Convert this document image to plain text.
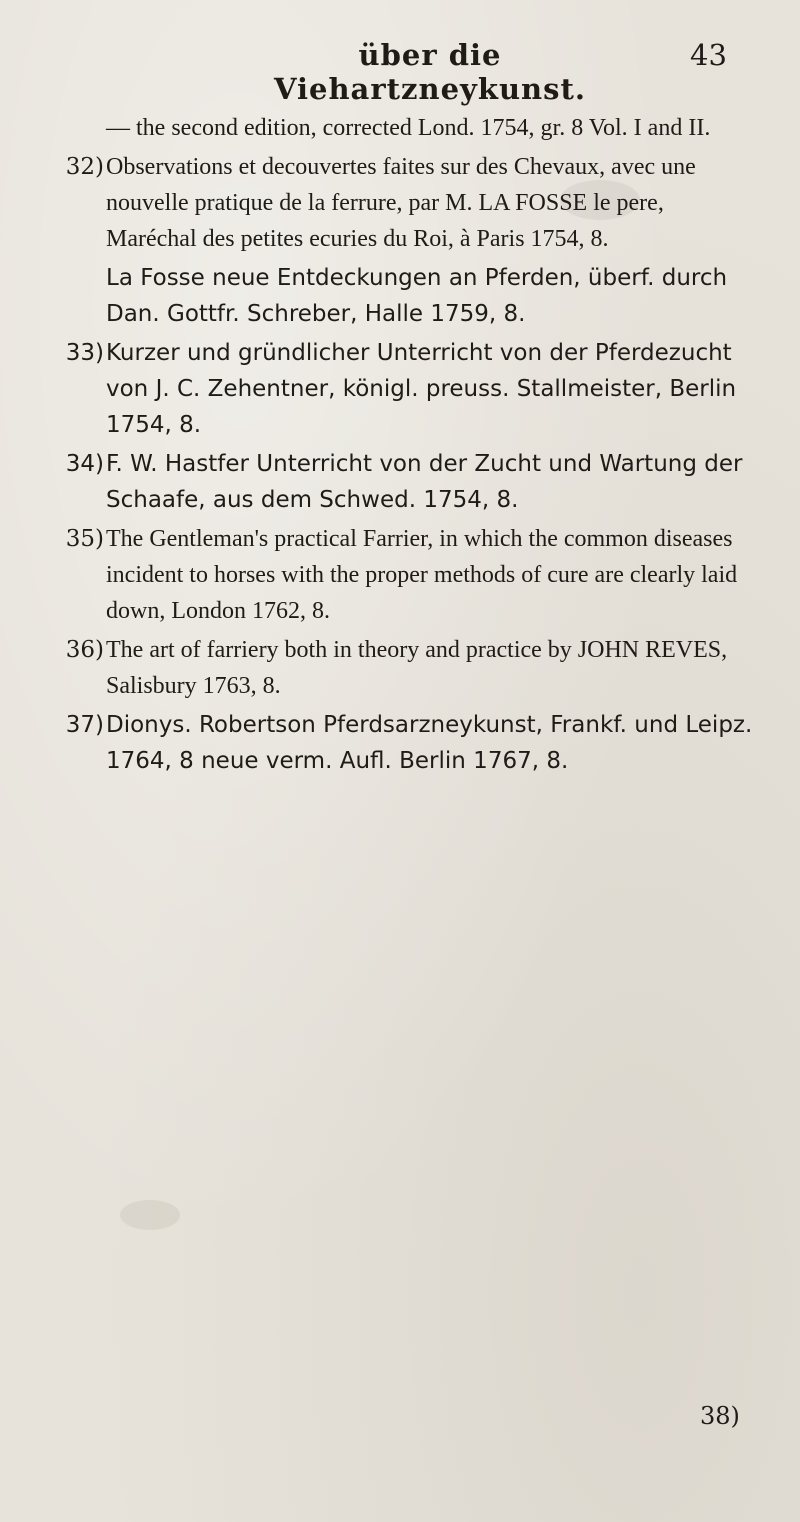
über die Viehartzneykunst.
43
— the second edition, corrected Lond. 1754, gr. 8 Vol. I and II.
32) Observations et decouvertes faites sur des Chevaux, avec une nouvelle pratique de la ferrure, par M. LA FOSSE le pere, Maréchal des petites ecuries du Roi, à Paris 1754, 8.
La Fosse neue Entdeckungen an Pferden, überf. durch Dan. Gottfr. Schreber, Halle 1759, 8.
33) Kurzer und gründlicher Unterricht von der Pferdezucht von J. C. Zehentner, königl. preuss. Stallmeister, Berlin 1754, 8.
34) F. W. Hastfer Unterricht von der Zucht und Wartung der Schaafe, aus dem Schwed. 1754, 8.
35) The Gentleman's practical Farrier, in which the common diseases incident to horses with the proper methods of cure are clearly laid down, London 1762, 8.
36) The art of farriery both in theory and practice by JOHN REVES, Salisbury 1763, 8.
37) Dionys. Robertson Pferdsarzneykunst, Frankf. und Leipz. 1764, 8 neue verm. Aufl. Berlin 1767, 8.
38)
